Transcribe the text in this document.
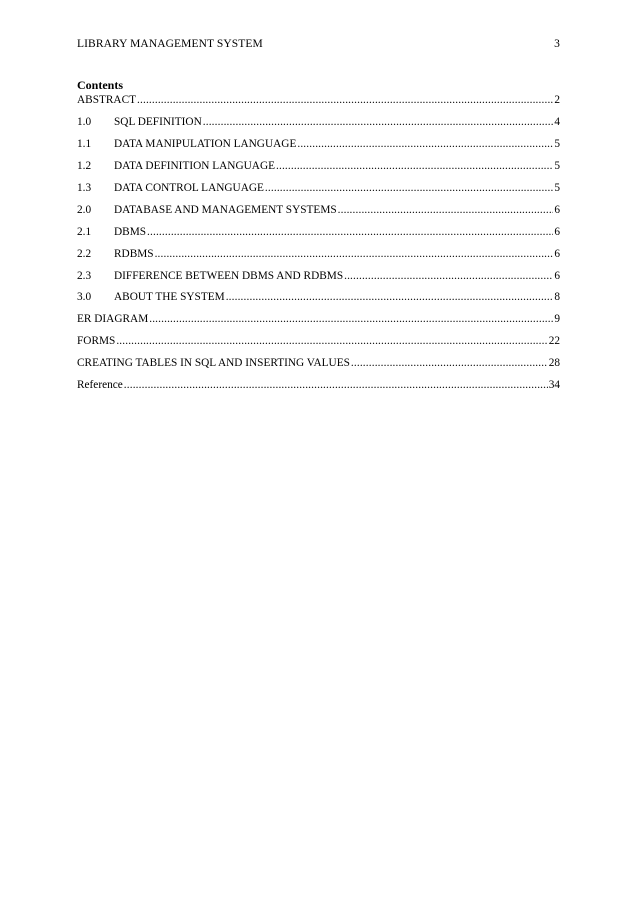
LIBRARY MANAGEMENT SYSTEM	3

Contents

ABSTRACT .....	2
1.0	SQL DEFINITION .....	4
1.1	DATA MANIPULATION LANGUAGE .....	5
1.2	DATA DEFINITION LANGUAGE .....	5
1.3	DATA CONTROL LANGUAGE .....	5
2.0	DATABASE AND MANAGEMENT SYSTEMS .....	6
2.1	DBMS .....	6
2.2	RDBMS .....	6
2.3	DIFFERENCE BETWEEN DBMS AND RDBMS .....	6
3.0	ABOUT THE SYSTEM .....	8
ER DIAGRAM .....	9
FORMS .....	22
CREATING TABLES IN SQL AND INSERTING VALUES .....	28
Reference .....	34
